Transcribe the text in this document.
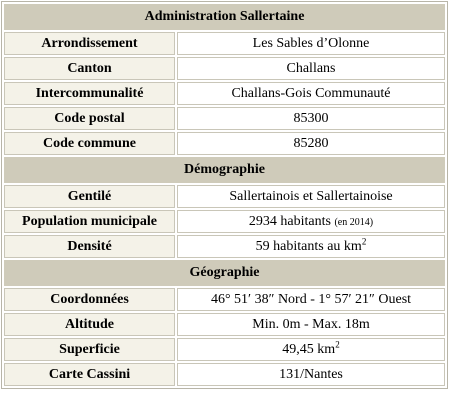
Administration Sallertaine	
Arrondissement	Les Sables d’Olonne
Canton	Challans
Intercommunalité	Challans-Gois Communauté
Code postal	85300
Code commune	85280
Démographie	
Gentilé	Sallertainois et Sallertainoise
Population municipale	2934 habitants (en 2014)
Densité	59 habitants au $km^2$
Géographie	
Coordonnées	46° 51′ 38″ Nord - 1° 57′ 21″ Ouest
Altitude	Min. 0m - Max. 18m
Superficie	49,45 $km^2$
Carte Cassini	131/Nantes
